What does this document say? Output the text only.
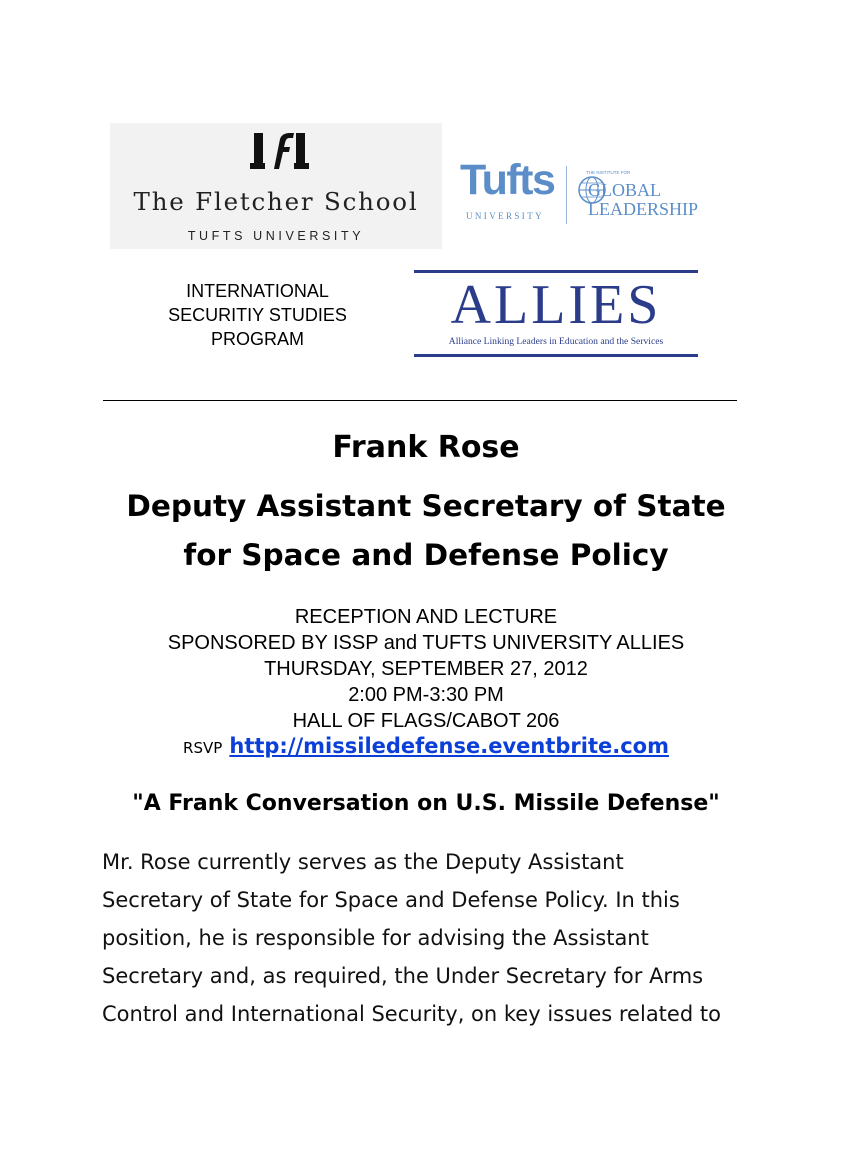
The Fletcher School
TUFTS UNIVERSITY
Tufts
UNIVERSITY
THE INSTITUTE FOR
GLOBAL
LEADERSHIP
INTERNATIONAL
SECURITIY STUDIES
PROGRAM
ALLIES
Alliance Linking Leaders in Education and the Services
Frank Rose
Deputy Assistant Secretary of State
for Space and Defense Policy
RECEPTION AND LECTURE
SPONSORED BY ISSP and TUFTS UNIVERSITY ALLIES
THURSDAY, SEPTEMBER 27, 2012
2:00 PM-3:30 PM
HALL OF FLAGS/CABOT 206
RSVP http://missiledefense.eventbrite.com
"A Frank Conversation on U.S. Missile Defense"
Mr. Rose currently serves as the Deputy Assistant
Secretary of State for Space and Defense Policy. In this
position, he is responsible for advising the Assistant
Secretary and, as required, the Under Secretary for Arms
Control and International Security, on key issues related to
